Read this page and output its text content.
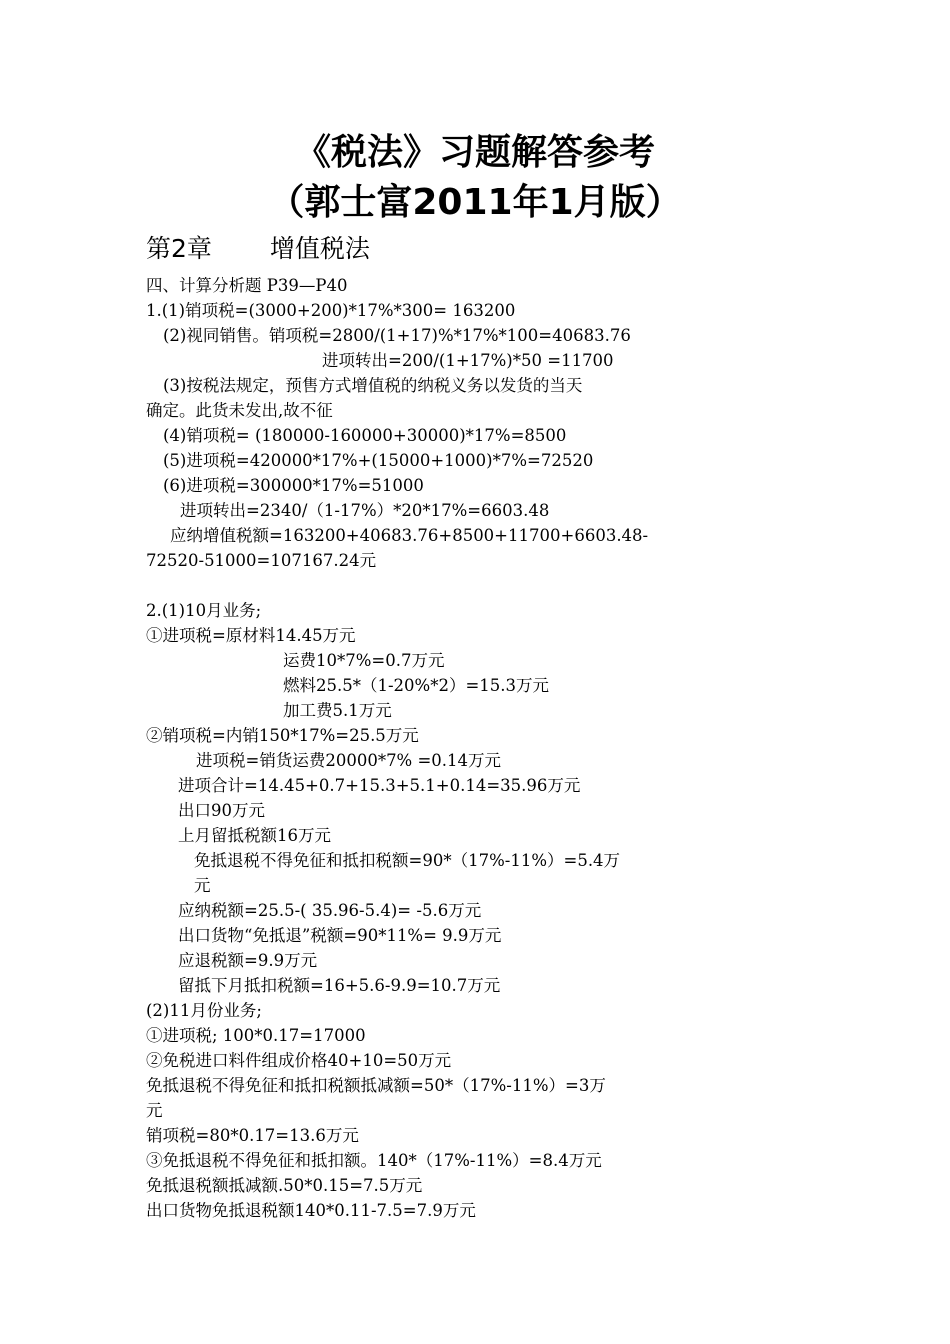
《税法》习题解答参考
（郭士富2011年1月版）
第2章 增值税法
四、计算分析题 P39—P40
1.(1)销项税=(3000+200)*17%*300= 163200
(2)视同销售。销项税=2800/(1+17)%*17%*100=40683.76
进项转出=200/(1+17%)*50 =11700
(3)按税法规定，预售方式增值税的纳税义务以发货的当天
确定。此货未发出,故不征
(4)销项税= (180000-160000+30000)*17%=8500
(5)进项税=420000*17%+(15000+1000)*7%=72520
(6)进项税=300000*17%=51000
进项转出=2340/（1-17%）*20*17%=6603.48
应纳增值税额=163200+40683.76+8500+11700+6603.48-
72520-51000=107167.24元
2.(1)10月业务;
①进项税=原材料14.45万元
运费10*7%=0.7万元
燃料25.5*（1-20%*2）=15.3万元
加工费5.1万元
②销项税=内销150*17%=25.5万元
进项税=销货运费20000*7% =0.14万元
进项合计=14.45+0.7+15.3+5.1+0.14=35.96万元
出口90万元
上月留抵税额16万元
免抵退税不得免征和抵扣税额=90*（17%-11%）=5.4万
元
应纳税额=25.5-( 35.96-5.4)= -5.6万元
出口货物“免抵退”税额=90*11%= 9.9万元
应退税额=9.9万元
留抵下月抵扣税额=16+5.6-9.9=10.7万元
(2)11月份业务;
①进项税; 100*0.17=17000
②免税进口料件组成价格40+10=50万元
免抵退税不得免征和抵扣税额抵减额=50*（17%-11%）=3万
元
销项税=80*0.17=13.6万元
③免抵退税不得免征和抵扣额。140*（17%-11%）=8.4万元
免抵退税额抵减额.50*0.15=7.5万元
出口货物免抵退税额140*0.11-7.5=7.9万元
